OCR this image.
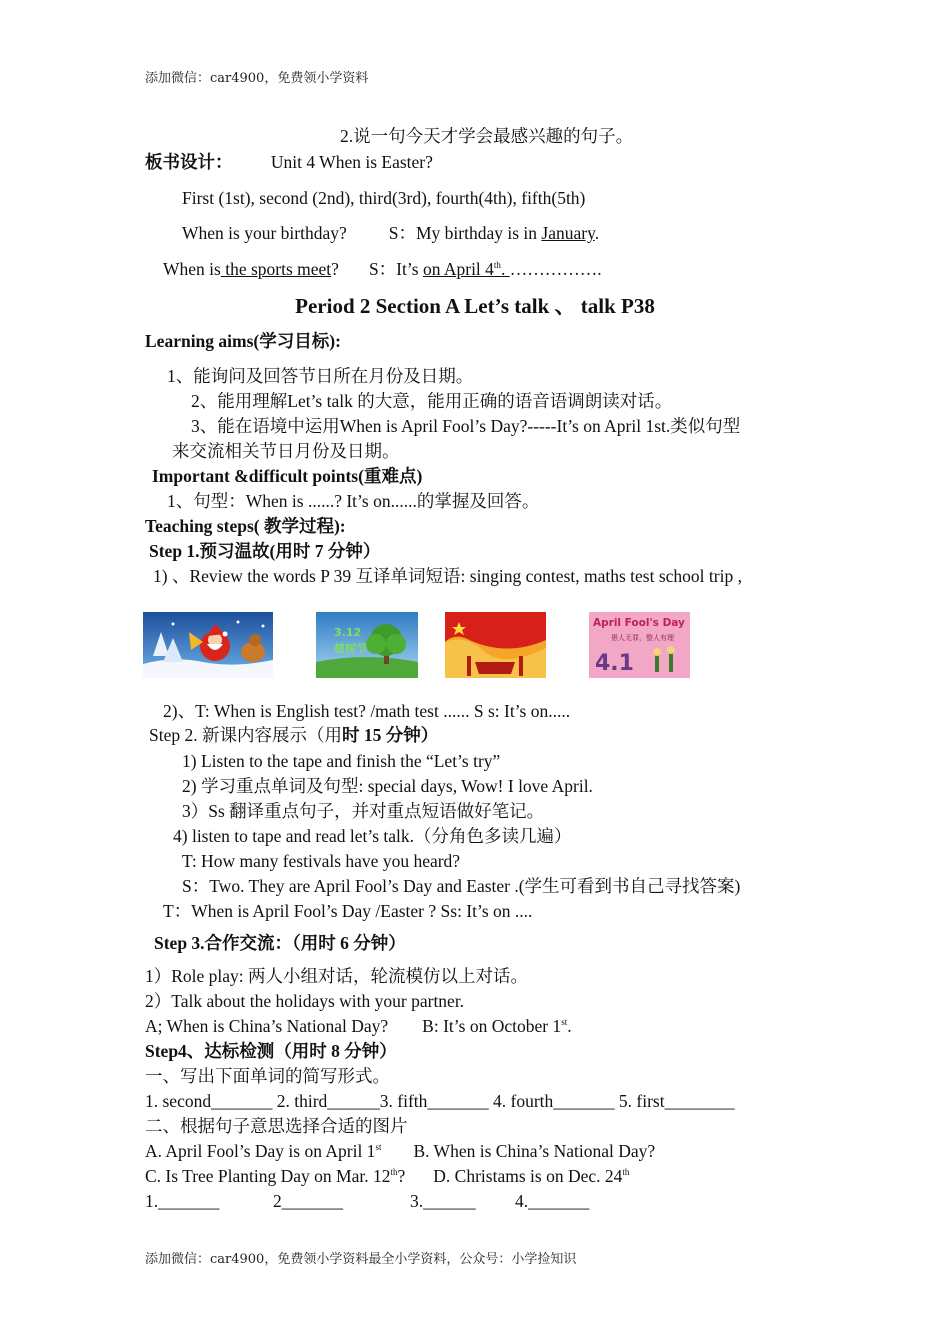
添加微信：car4900，免费领小学资料
2.说一句今天才学会最感兴趣的句子。
板书设计： Unit 4 When is Easter?
First (1st), second (2nd), third(3rd), fourth(4th), fifth(5th)
When is your birthday? S：My birthday is in January.
When is the sports meet? S：It’s on April 4th. …………….
Period 2 Section A Let’s talk 、 talk P38
Learning aims(学习目标):
1、能询问及回答节日所在月份及日期。
2、能用理解Let’s talk 的大意，能用正确的语音语调朗读对话。
3、能在语境中运用When is April Fool’s Day?-----It’s on April 1st.类似句型
来交流相关节日月份及日期。
Important &difficult points(重难点)
1、句型：When is ......? It’s on......的掌握及回答。
Teaching steps( 教学过程):
Step 1.预习温故(用时 7 分钟）
1) 、Review the words P 39 互译单词短语: singing contest, maths test school trip ,
3.12
植树节
April Fool's Day
愚人无罪，整人有理
4.1
2)、T: When is English test? /math test ...... S s: It’s on.....
Step 2. 新课内容展示（用时 15 分钟）
1) Listen to the tape and finish the “Let’s try”
2) 学习重点单词及句型: special days, Wow! I love April.
3）Ss 翻译重点句子，并对重点短语做好笔记。
4) listen to tape and read let’s talk.（分角色多读几遍）
T: How many festivals have you heard?
S：Two. They are April Fool’s Day and Easter .(学生可看到书自己寻找答案)
T：When is April Fool’s Day /Easter ? Ss: It’s on ....
Step 3.合作交流：（用时 6 分钟）
1）Role play: 两人小组对话，轮流模仿以上对话。
2）Talk about the holidays with your partner.
A; When is China’s National Day? B: It’s on October 1st.
Step4、达标检测（用时 8 分钟）
一、写出下面单词的简写形式。
1. second_______ 2. third______3. fifth_______ 4. fourth_______ 5. first________
二、根据句子意思选择合适的图片
A. April Fool’s Day is on April 1st B. When is China’s National Day?
C. Is Tree Planting Day on Mar. 12th? D. Christams is on Dec. 24th
1._______	2_______	3.______ 4._______
添加微信：car4900，免费领小学资料最全小学资料，公众号：小学捡知识
